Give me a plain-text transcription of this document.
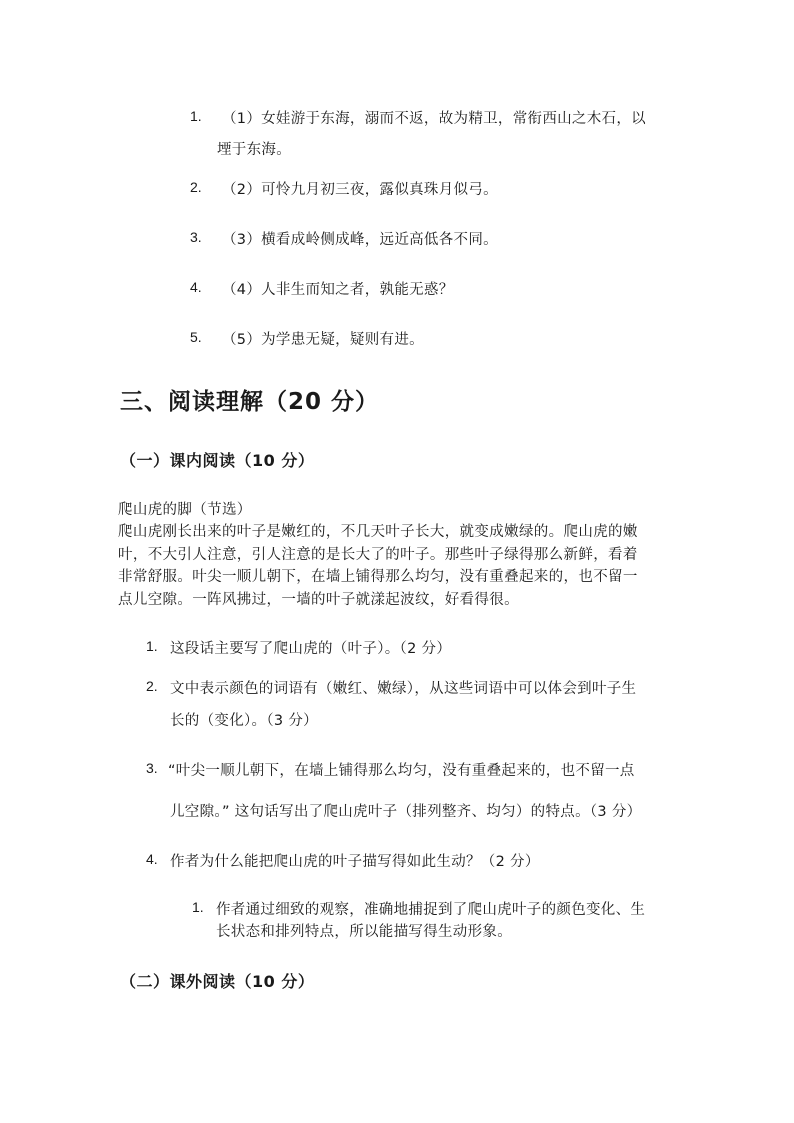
1. （1）女娃游于东海，溺而不返，故为精卫，常衔西山之木石，以
堙于东海。
2. （2）可怜九月初三夜，露似真珠月似弓。
3. （3）横看成岭侧成峰，远近高低各不同。
4. （4）人非生而知之者，孰能无惑？
5. （5）为学患无疑，疑则有进。
三、阅读理解（20 分）
（一）课内阅读（10 分）
爬山虎的脚（节选）
爬山虎刚长出来的叶子是嫩红的，不几天叶子长大，就变成嫩绿的。爬山虎的嫩
叶，不大引人注意，引人注意的是长大了的叶子。那些叶子绿得那么新鲜，看着
非常舒服。叶尖一顺儿朝下，在墙上铺得那么均匀，没有重叠起来的，也不留一
点儿空隙。一阵风拂过，一墙的叶子就漾起波纹，好看得很。
1. 这段话主要写了爬山虎的（叶子）。（2 分）
2. 文中表示颜色的词语有（嫩红、嫩绿），从这些词语中可以体会到叶子生
长的（变化）。（3 分）
3. “叶尖一顺儿朝下，在墙上铺得那么均匀，没有重叠起来的，也不留一点
儿空隙。” 这句话写出了爬山虎叶子（排列整齐、均匀）的特点。（3 分）
4. 作者为什么能把爬山虎的叶子描写得如此生动？（2 分）
1. 作者通过细致的观察，准确地捕捉到了爬山虎叶子的颜色变化、生
长状态和排列特点，所以能描写得生动形象。
（二）课外阅读（10 分）
